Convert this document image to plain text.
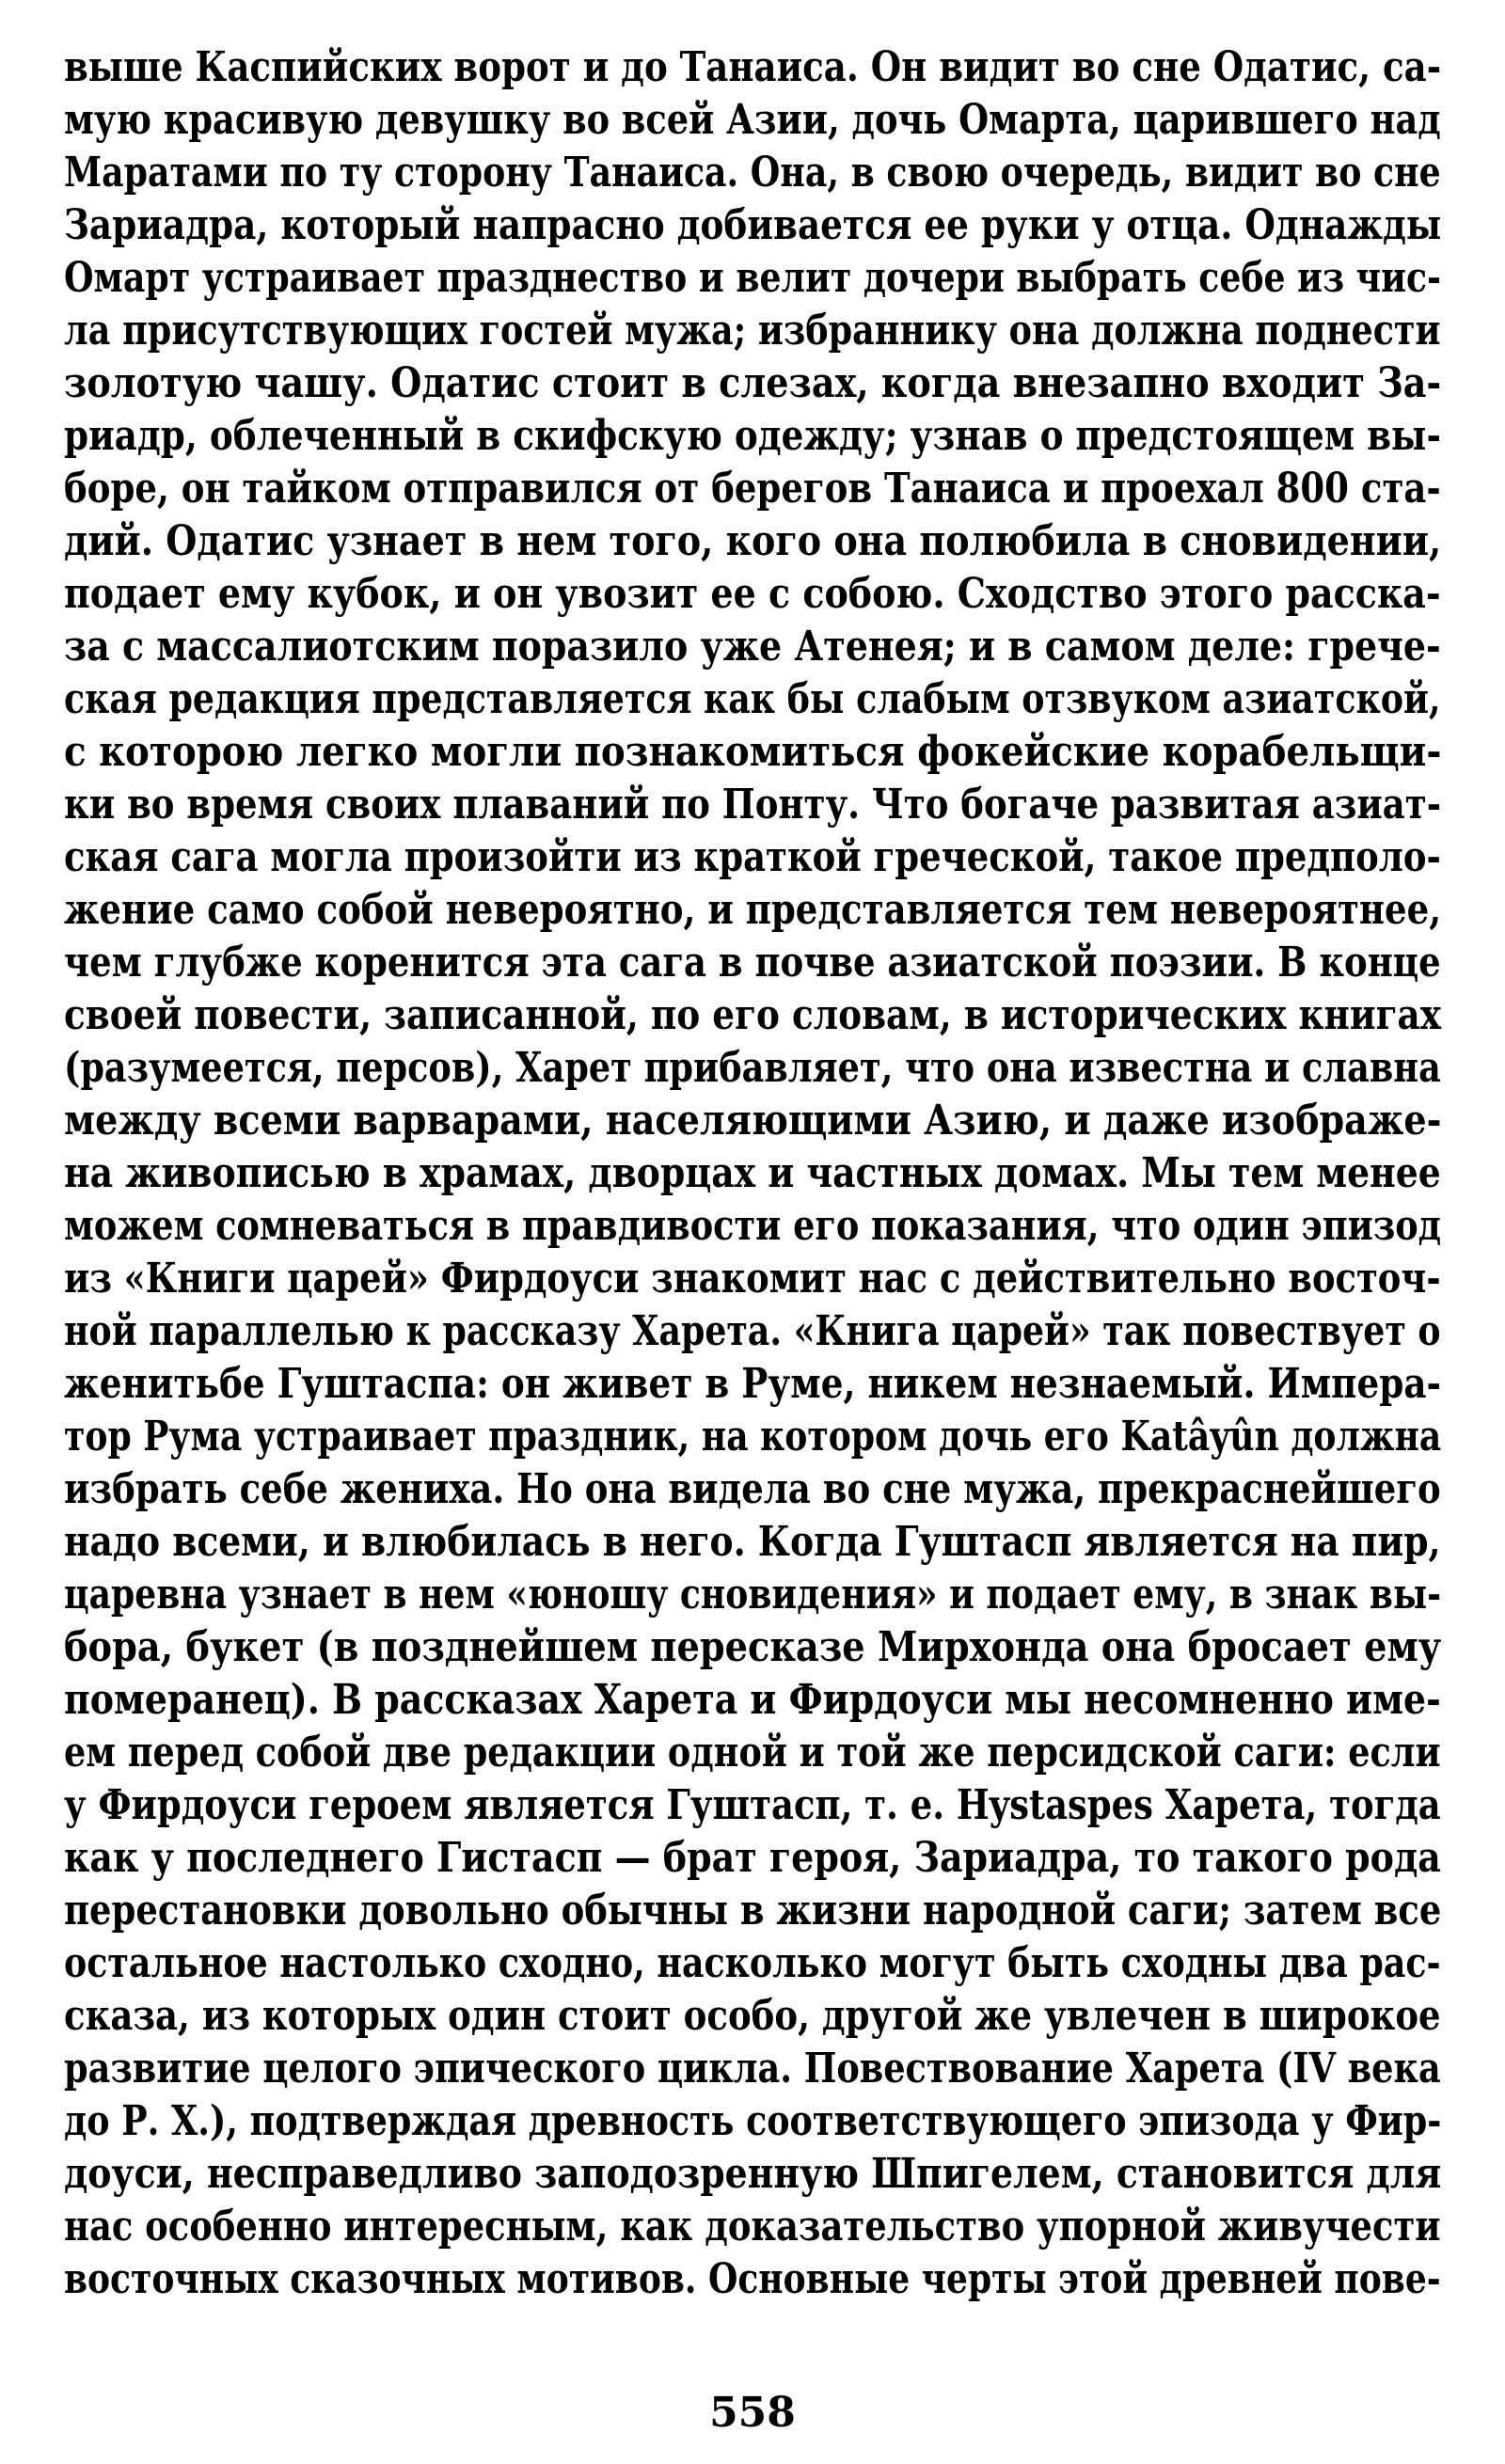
выше Каспийских ворот и до Танаиса. Он видит во сне Одатис, са-
мую красивую девушку во всей Азии, дочь Омарта, царившего над
Маратами по ту сторону Танаиса. Она, в свою очередь, видит во сне
Зариадра, который напрасно добивается ее руки у отца. Однажды
Омарт устраивает празднество и велит дочери выбрать себе из чис-
ла присутствующих гостей мужа; избраннику она должна поднести
золотую чашу. Одатис стоит в слезах, когда внезапно входит За-
риадр, облеченный в скифскую одежду; узнав о предстоящем вы-
боре, он тайком отправился от берегов Танаиса и проехал 800 ста-
дий. Одатис узнает в нем того, кого она полюбила в сновидении,
подает ему кубок, и он увозит ее с собою. Сходство этого расска-
за с массалиотским поразило уже Атенея; и в самом деле: грече-
ская редакция представляется как бы слабым отзвуком азиатской,
с которою легко могли познакомиться фокейские корабельщи-
ки во время своих плаваний по Понту. Что богаче развитая азиат-
ская сага могла произойти из краткой греческой, такое предполо-
жение само собой невероятно, и представляется тем невероятнее,
чем глубже коренится эта сага в почве азиатской поэзии. В конце
своей повести, записанной, по его словам, в исторических книгах
(разумеется, персов), Харет прибавляет, что она известна и славна
между всеми варварами, населяющими Азию, и даже изображе-
на живописью в храмах, дворцах и частных домах. Мы тем менее
можем сомневаться в правдивости его показания, что один эпизод
из «Книги царей» Фирдоуси знакомит нас с действительно восточ-
ной параллелью к рассказу Харета. «Книга царей» так повествует о
женитьбе Гуштаспа: он живет в Руме, никем незнаемый. Импера-
тор Рума устраивает праздник, на котором дочь его Katâyûn должна
избрать себе жениха. Но она видела во сне мужа, прекраснейшего
надо всеми, и влюбилась в него. Когда Гуштасп является на пир,
царевна узнает в нем «юношу сновидения» и подает ему, в знак вы-
бора, букет (в позднейшем пересказе Мирхонда она бросает ему
померанец). В рассказах Харета и Фирдоуси мы несомненно име-
ем перед собой две редакции одной и той же персидской саги: если
у Фирдоуси героем является Гуштасп, т. е. Hystaspes Харета, тогда
как у последнего Гистасп — брат героя, Зариадра, то такого рода
перестановки довольно обычны в жизни народной саги; затем все
остальное настолько сходно, насколько могут быть сходны два рас-
сказа, из которых один стоит особо, другой же увлечен в широкое
развитие целого эпического цикла. Повествование Харета (IV века
до Р. Х.), подтверждая древность соответствующего эпизода у Фир-
доуси, несправедливо заподозренную Шпигелем, становится для
нас особенно интересным, как доказательство упорной живучести
восточных сказочных мотивов. Основные черты этой древней пове-
558
